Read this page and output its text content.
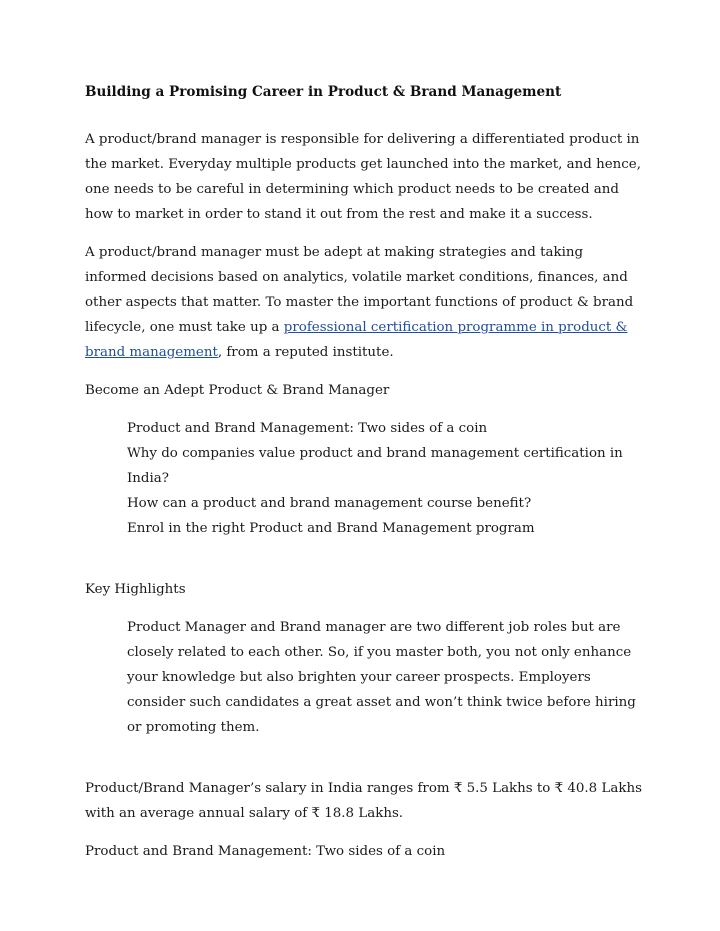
Building a Promising Career in Product & Brand Management

A product/brand manager is responsible for delivering a differentiated product in the market. Everyday multiple products get launched into the market, and hence, one needs to be careful in determining which product needs to be created and how to market in order to stand it out from the rest and make it a success.

A product/brand manager must be adept at making strategies and taking informed decisions based on analytics, volatile market conditions, finances, and other aspects that matter. To master the important functions of product & brand lifecycle, one must take up a professional certification programme in product & brand management, from a reputed institute.

Become an Adept Product & Brand Manager

Product and Brand Management: Two sides of a coin
Why do companies value product and brand management certification in India?
How can a product and brand management course benefit?
Enrol in the right Product and Brand Management program

Key Highlights

Product Manager and Brand manager are two different job roles but are closely related to each other. So, if you master both, you not only enhance your knowledge but also brighten your career prospects. Employers consider such candidates a great asset and won’t think twice before hiring or promoting them.

Product/Brand Manager’s salary in India ranges from ₹ 5.5 Lakhs to ₹ 40.8 Lakhs with an average annual salary of ₹ 18.8 Lakhs.

Product and Brand Management: Two sides of a coin
